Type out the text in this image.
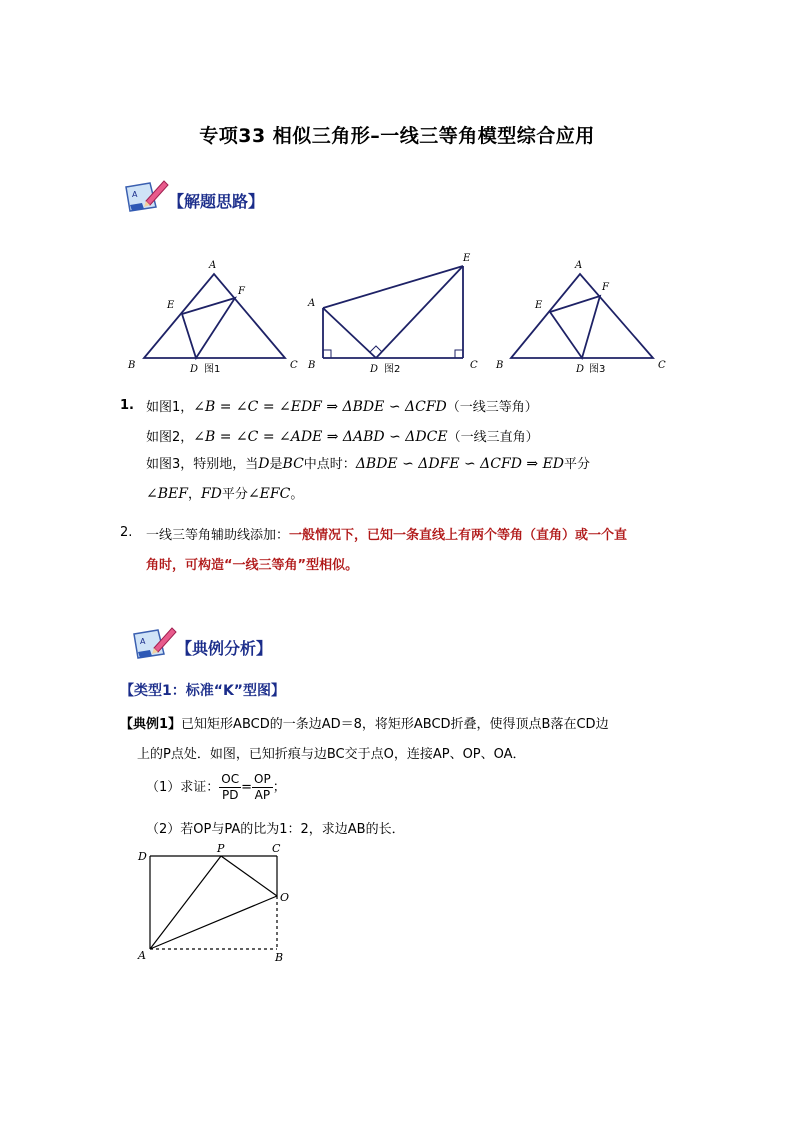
专项33 相似三角形–一线三等角模型综合应用
A 【解题思路】
A
B	C
D
E
F
图1
A
B	C
D
E
图2
A
B	C
D
E
F
图3
1. 如图1，∠B = ∠C = ∠EDF ⇒ ΔBDE ∽ ΔCFD（一线三等角）
如图2，∠B = ∠C = ∠ADE ⇒ ΔABD ∽ ΔDCE（一线三直角）
如图3，特别地，当D是BC中点时：ΔBDE ∽ ΔDFE ∽ ΔCFD ⇒ ED平分
∠BEF，FD平分∠EFC。
2. 一线三等角辅助线添加：一般情况下，已知一条直线上有两个等角（直角）或一个直
角时，可构造“一线三等角”型相似。
A 【典例分析】
【类型1：标准“K”型图】
【典例1】已知矩形ABCD的一条边AD＝8，将矩形ABCD折叠，使得顶点B落在CD边
上的P点处．如图，已知折痕与边BC交于点O，连接AP、OP、OA．
（1）求证： $\frac{OC}{PD} = \frac{OP}{AP}$ ；
（2）若OP与PA的比为1：2，求边AB的长．
D
P	C
O
A	B
